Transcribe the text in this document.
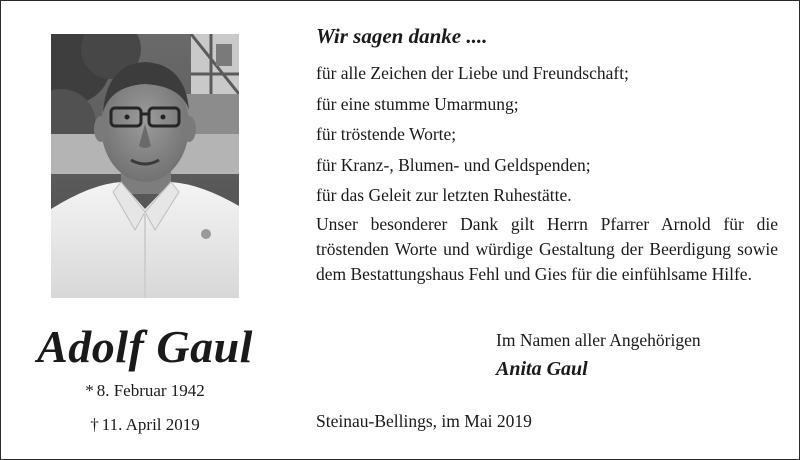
Adolf Gaul
* 8. Februar 1942
† 11. April 2019
Wir sagen danke ....
für alle Zeichen der Liebe und Freundschaft;
für eine stumme Umarmung;
für tröstende Worte;
für Kranz-, Blumen- und Geldspenden;
für das Geleit zur letzten Ruhestätte.

Unser besonderer Dank gilt Herrn Pfarrer Arnold für die tröstenden Worte und würdige Gestaltung der Beerdigung sowie dem Bestattungshaus Fehl und Gies für die einfühlsame Hilfe.

Im Namen aller Angehörigen
Anita Gaul
Steinau-Bellings, im Mai 2019
